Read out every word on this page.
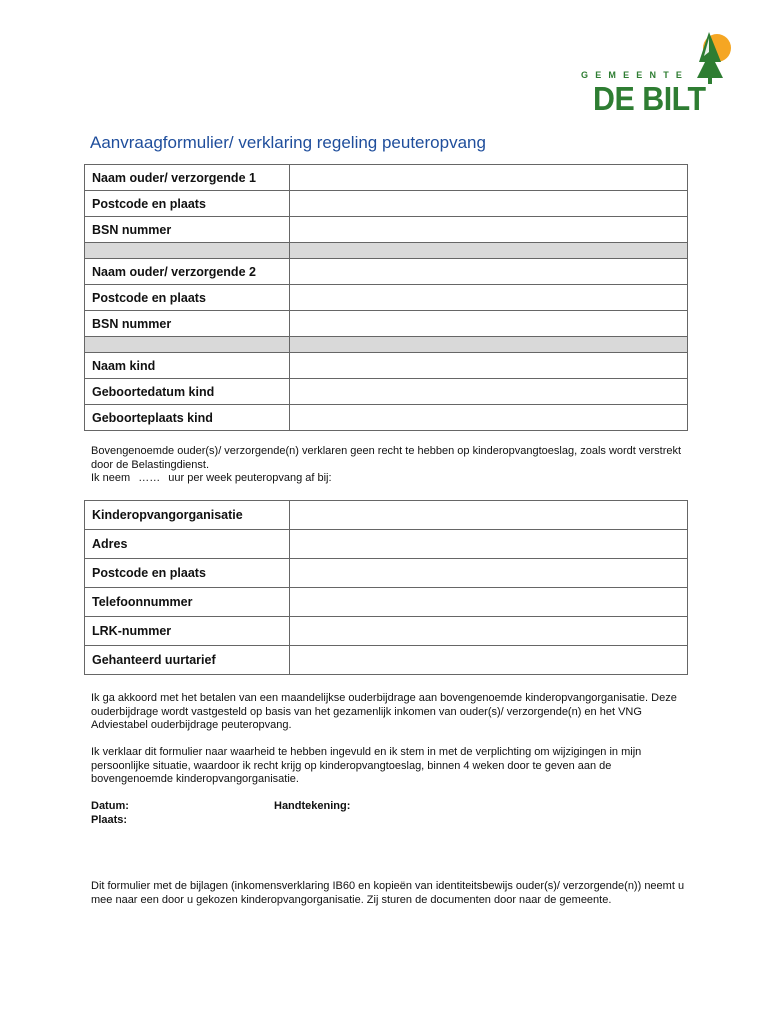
GEMEENTE
DE BILT
Aanvraagformulier/ verklaring regeling peuteropvang
Naam ouder/ verzorgende 1	
Postcode en plaats	
BSN nummer	

Naam ouder/ verzorgende 2	
Postcode en plaats	
BSN nummer	

Naam kind	
Geboortedatum kind	
Geboorteplaats kind	
Bovengenoemde ouder(s)/ verzorgende(n) verklaren geen recht te hebben op kinderopvangtoeslag, zoals wordt verstrekt door de Belastingdienst.
Ik neem …… uur per week peuteropvang af bij:
Kinderopvangorganisatie	
Adres	
Postcode en plaats	
Telefoonnummer	
LRK-nummer	
Gehanteerd uurtarief	
Ik ga akkoord met het betalen van een maandelijkse ouderbijdrage aan bovengenoemde kinderopvangorganisatie. Deze ouderbijdrage wordt vastgesteld op basis van het gezamenlijk inkomen van ouder(s)/ verzorgende(n) en het VNG Adviestabel ouderbijdrage peuteropvang.
Ik verklaar dit formulier naar waarheid te hebben ingevuld en ik stem in met de verplichting om wijzigingen in mijn persoonlijke situatie, waardoor ik recht krijg op kinderopvangtoeslag, binnen 4 weken door te geven aan de bovengenoemde kinderopvangorganisatie.
Datum:
Plaats:
Handtekening:
Dit formulier met de bijlagen (inkomensverklaring IB60 en kopieën van identiteitsbewijs ouder(s)/ verzorgende(n)) neemt u mee naar een door u gekozen kinderopvangorganisatie. Zij sturen de documenten door naar de gemeente.
